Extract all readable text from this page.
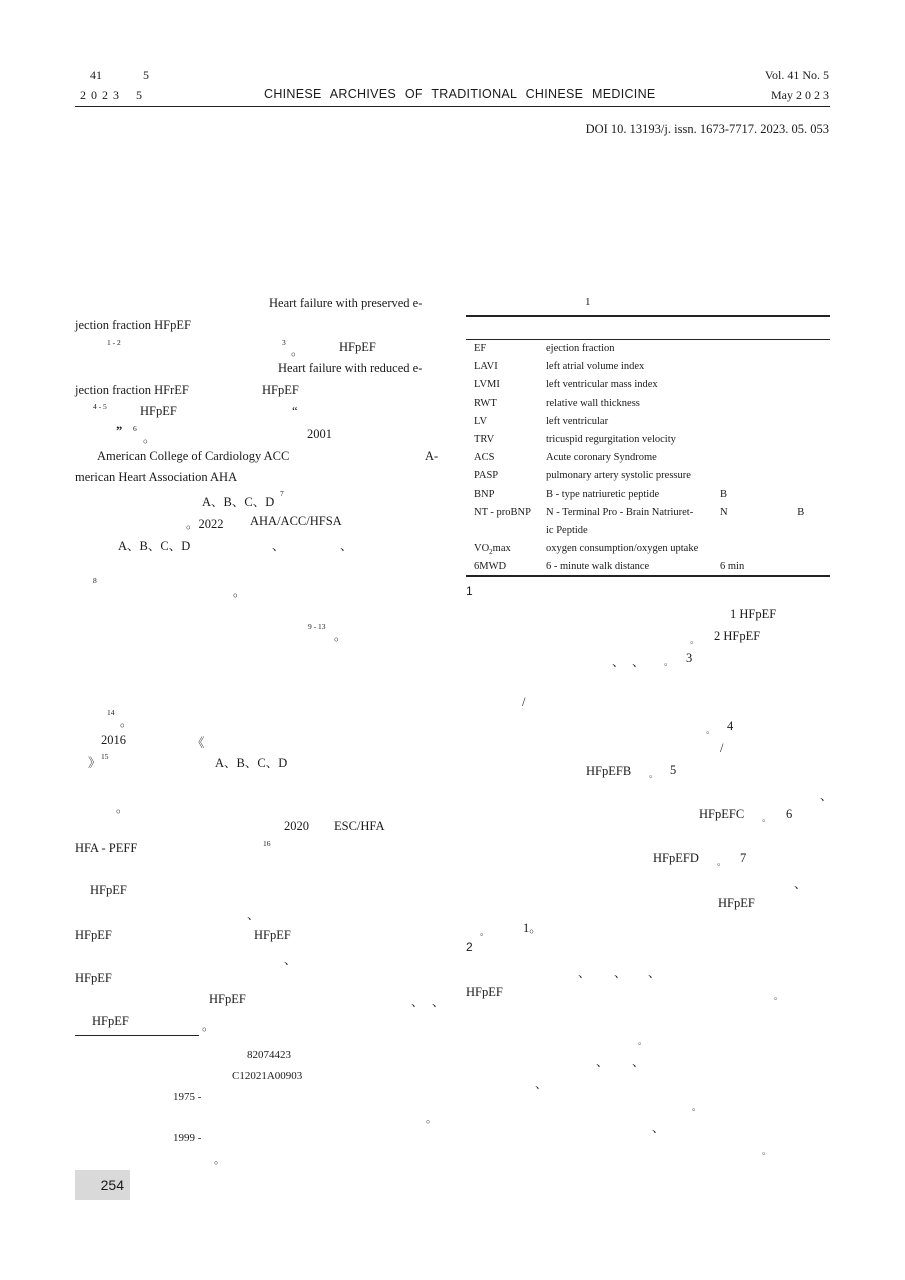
41	5
2 0 2 3 5	CHINESE ARCHIVES OF TRADITIONAL CHINESE MEDICINE
Vol. 41 No. 5
May 2 0 2 3
DOI 10. 13193/j. issn. 1673-7717. 2023. 05. 053
Heart failure with preserved e-
jection fraction HFpEF
1 - 2	3
。	HFpEF
Heart failure with reduced e-
jection fraction HFrEF	HFpEF
4 - 5	HFpEF	“
” 6
。	2001
American College of Cardiology ACC	A-
merican Heart Association AHA
A、B、C、D
7
。2022 AHA/ACC/HFSA
A、B、C、D	、	、
8
。
9 - 13
。
14
。
2016	《
》 15	A、B、C、D
。
2020 ESC/HFA
HFA - PEFF	16
HFpEF
、
HFpEF	HFpEF
、
HFpEF
HFpEF	、 、
HFpEF	。
82074423
C12021A00903
1975 -
。
1999 -
。
1
EF	ejection fraction		
LAVI	left atrial volume index		
LVMI	left ventricular mass index		
RWT	relative wall thickness		
LV	left ventricular		
TRV	tricuspid regurgitation velocity		
ACS	Acute coronary Syndrome		
PASP	pulmonary artery systolic pressure		
BNP	B - type natriuretic peptide	B	
NT - proBNP	N - Terminal Pro - Brain Natriuret-	N	B
	ic Peptide		
$VO_2\max$	oxygen consumption/oxygen uptake		
6MWD	6 - minute walk distance	6 min	
1
1 HFpEF
。 2 HFpEF
、 、 。 3
/
。 4
/
HFpEFB 。 5
、
HFpEFC 。 6
HFpEFD 。 7
、
HFpEF
。	1。
2
、 、 、
HFpEF	。
。
、 、
、
。
、
。
254
